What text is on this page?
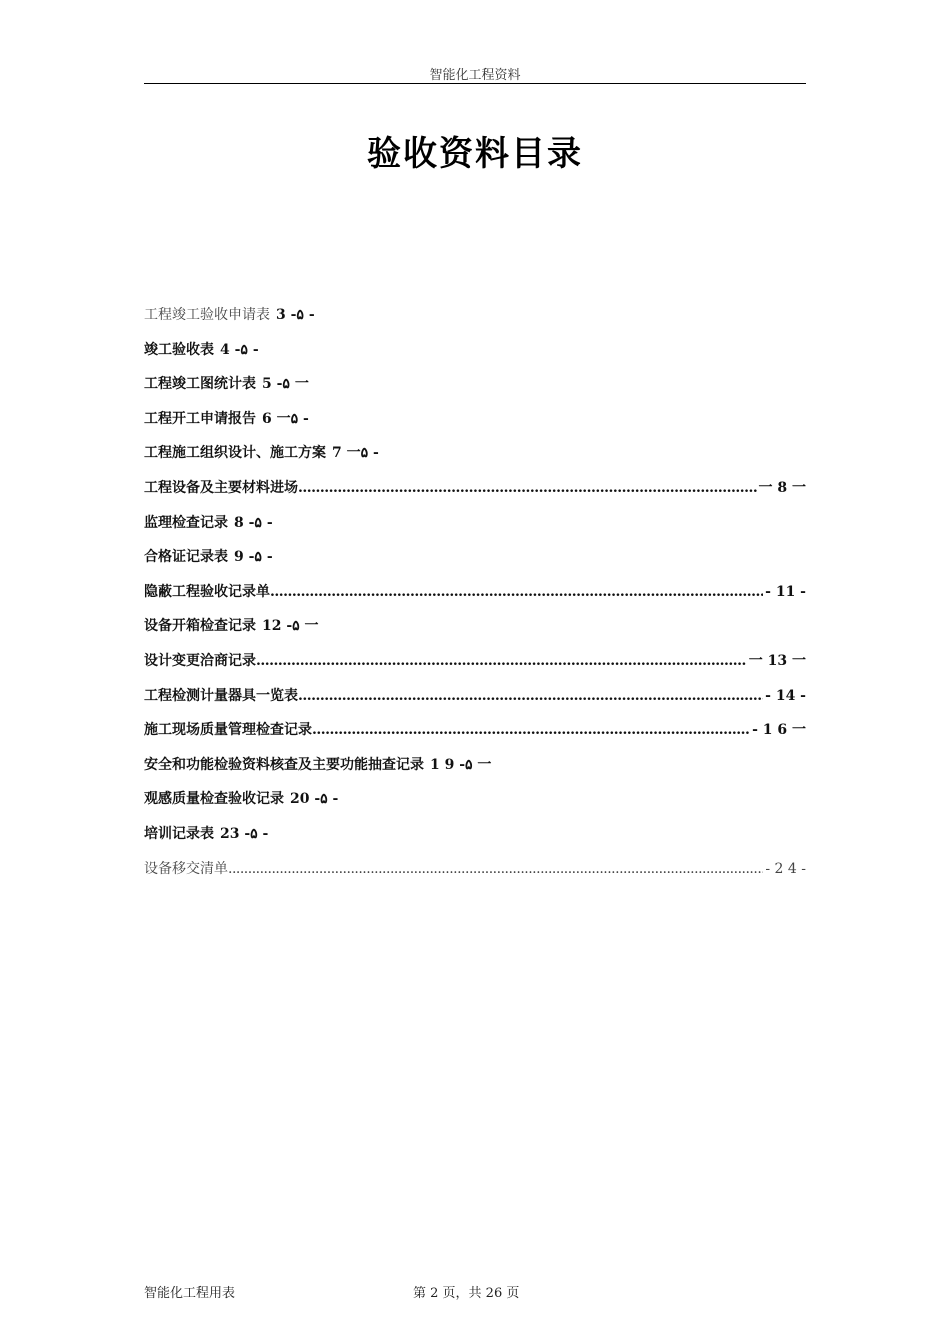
智能化工程资料
验收资料目录
工程竣工验收申请表 3 -۵ -
竣工验收表 4 -۵ -
工程竣工图统计表 5 -۵ 一
工程开工申请报告 6 一۵ -
工程施工组织设计、施工方案 7 一۵ -
工程设备及主要材料进场 .....	一 8 一
监理检查记录 8 -۵ -
合格证记录表 9 -۵ -
隐蔽工程验收记录单 .....	- 11 -
设备开箱检查记录 12 -۵ 一
设计变更洽商记录 .....	一 13 一
工程检测计量器具一览表 .....	- 14 -
施工现场质量管理检查记录 .....	- 1 6 一
安全和功能检验资料核查及主要功能抽查记录 1 9 -۵ 一
观感质量检查验收记录 20 -۵ -
培训记录表 23 -۵ -
设备移交清单 .....	- 2 4 -
智能化工程用表	第 2 页，共 26 页
